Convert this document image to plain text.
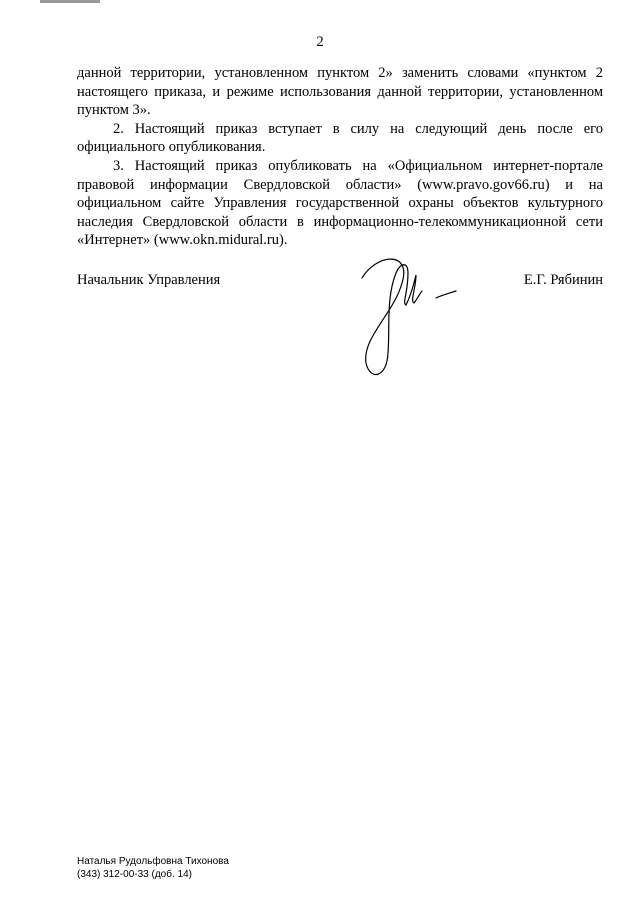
2

данной территории, установленном пунктом 2» заменить словами «пунктом 2 настоящего приказа, и режиме использования данной территории, установленном пунктом 3».

2. Настоящий приказ вступает в силу на следующий день после его официального опубликования.

3. Настоящий приказ опубликовать на «Официальном интернет-портале правовой информации Свердловской области» (www.pravo.gov66.ru) и на официальном сайте Управления государственной охраны объектов культурного наследия Свердловской области в информационно-телекоммуникационной сети «Интернет» (www.okn.midural.ru).

Начальник Управления	Е.Г. Рябинин
Наталья Рудольфовна Тихонова
(343) 312-00-33 (доб. 14)
